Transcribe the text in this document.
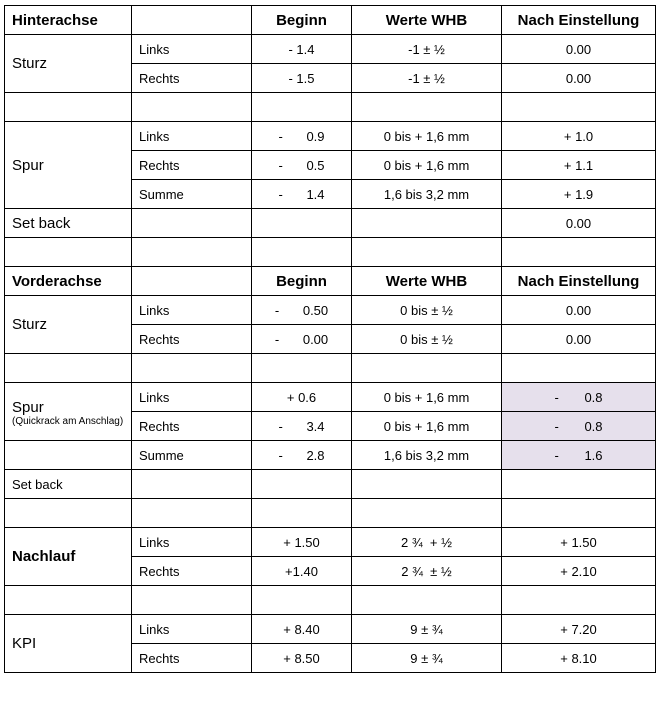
Hinterachse		Beginn	Werte WHB	Nach Einstellung
Sturz	Links	- 1.4	-1 ± ½	0.00
	Rechts	- 1.5	-1 ± ½	0.00

Spur	Links	- 0.9	0 bis + 1,6 mm	+ 1.0
	Rechts	- 0.5	0 bis + 1,6 mm	+ 1.1
	Summe	- 1.4	1,6 bis 3,2 mm	+ 1.9
Set back				0.00

Vorderachse		Beginn	Werte WHB	Nach Einstellung
Sturz	Links	- 0.50	0 bis ± ½	0.00
	Rechts	- 0.00	0 bis ± ½	0.00

Spur
(Quickrack am Anschlag)	Links	+ 0.6	0 bis + 1,6 mm	- 0.8
	Rechts	- 3.4	0 bis + 1,6 mm	- 0.8
	Summe	- 2.8	1,6 bis 3,2 mm	- 1.6
Set back				

Nachlauf	Links	+ 1.50	2 ¾  + ½	+ 1.50
	Rechts	+1.40	2 ¾  ± ½	+ 2.10

KPI	Links	+ 8.40	9 ± ¾	+ 7.20
	Rechts	+ 8.50	9 ± ¾	+ 8.10
